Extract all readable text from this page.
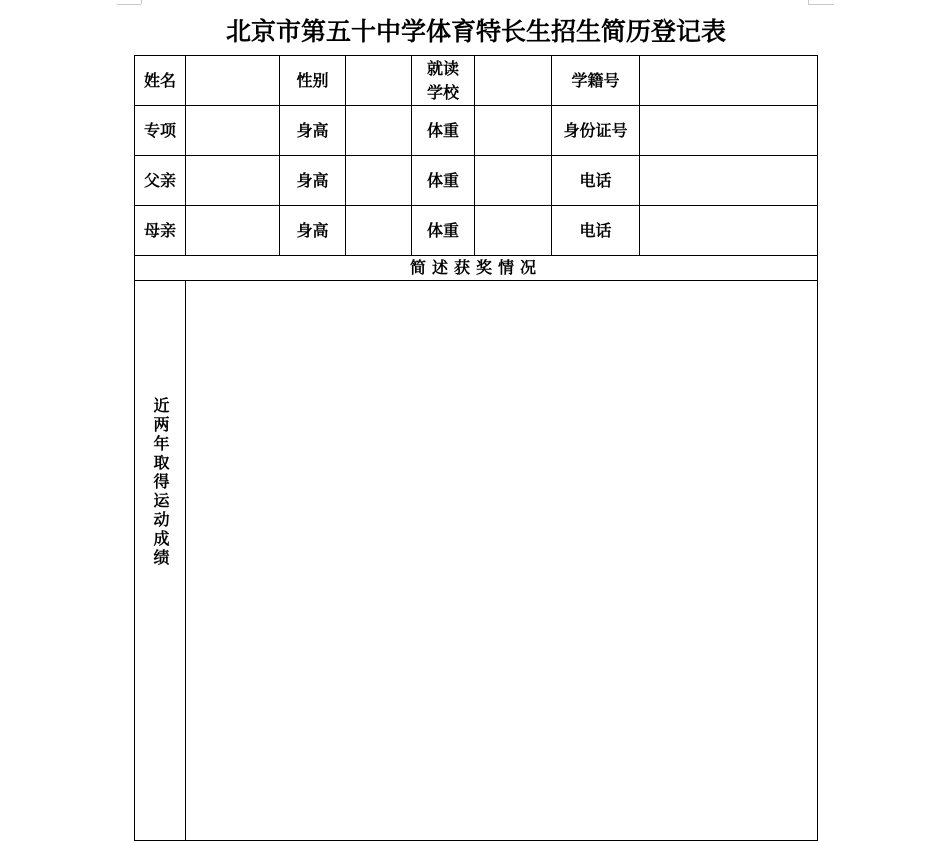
北京市第五十中学体育特长生招生简历登记表
姓名		性别		就读学校		学籍号	
专项		身高		体重		身份证号	
父亲		身高		体重		电话	
母亲		身高		体重		电话	
简述获奖情况							
近两年取得运动成绩							
